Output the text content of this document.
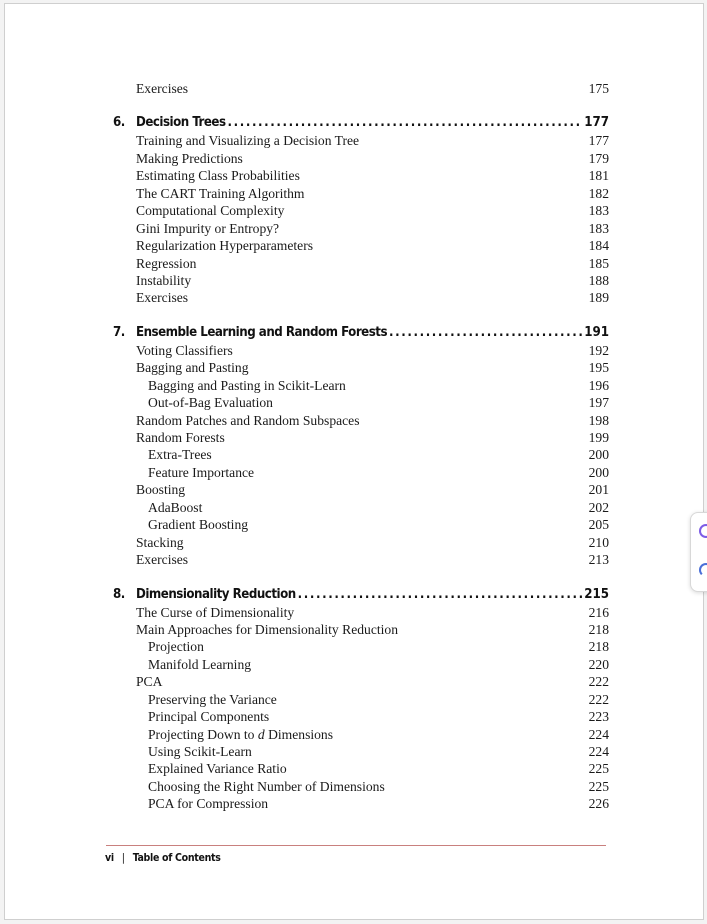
Exercises	175
6. Decision Trees .....	177
Training and Visualizing a Decision Tree	177
Making Predictions	179
Estimating Class Probabilities	181
The CART Training Algorithm	182
Computational Complexity	183
Gini Impurity or Entropy?	183
Regularization Hyperparameters	184
Regression	185
Instability	188
Exercises	189
7. Ensemble Learning and Random Forests .....	191
Voting Classifiers	192
Bagging and Pasting	195
Bagging and Pasting in Scikit-Learn	196
Out-of-Bag Evaluation	197
Random Patches and Random Subspaces	198
Random Forests	199
Extra-Trees	200
Feature Importance	200
Boosting	201
AdaBoost	202
Gradient Boosting	205
Stacking	210
Exercises	213
8. Dimensionality Reduction .....	215
The Curse of Dimensionality	216
Main Approaches for Dimensionality Reduction	218
Projection	218
Manifold Learning	220
PCA	222
Preserving the Variance	222
Principal Components	223
Projecting Down to d Dimensions	224
Using Scikit-Learn	224
Explained Variance Ratio	225
Choosing the Right Number of Dimensions	225
PCA for Compression	226
vi | Table of Contents
